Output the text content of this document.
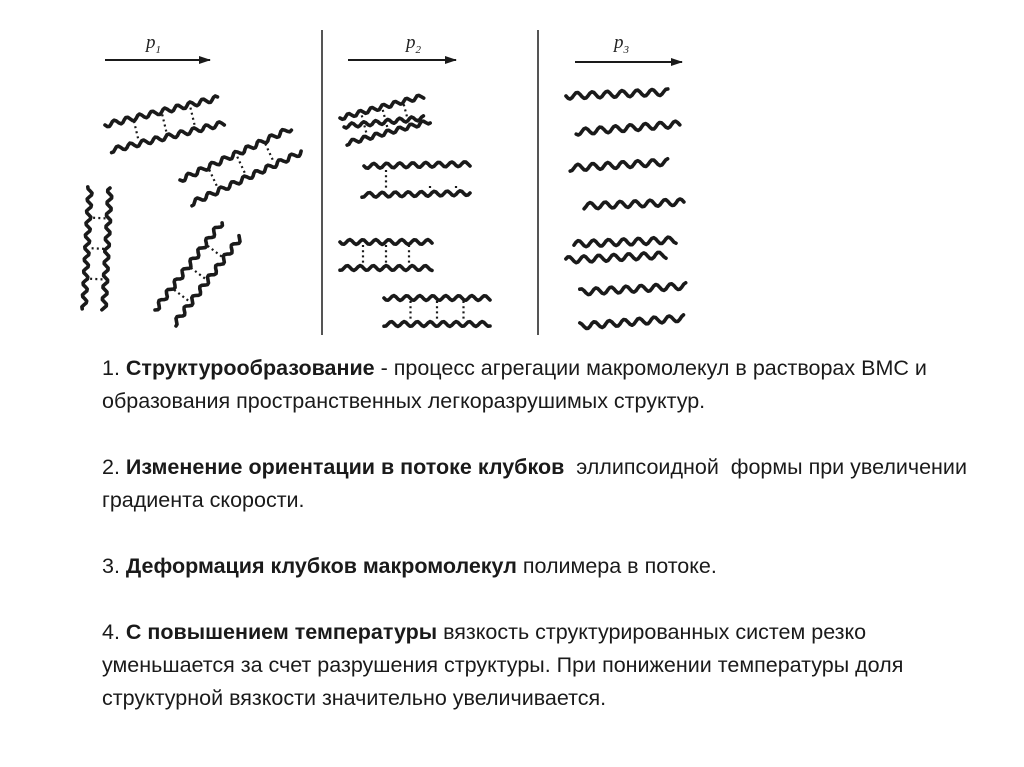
$p_1$	$p_2$	$p_3$

1. Структурообразование - процесс агрегации макромолекул в растворах ВМС и образования пространственных легкоразрушимых структур.

2. Изменение ориентации в потоке клубков  эллипсоидной  формы при увеличении градиента скорости.

3. Деформация клубков макромолекул полимера в потоке.

4. С повышением температуры вязкость структурированных систем резко уменьшается за счет разрушения структуры. При понижении температуры доля структурной вязкости значительно увеличивается.
